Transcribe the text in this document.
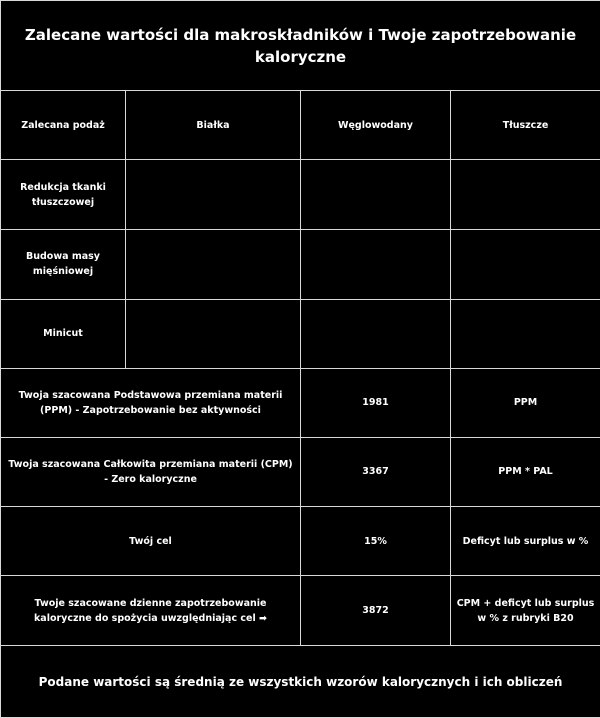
Zalecane wartości dla makroskładników i Twoje zapotrzebowanie kaloryczne			
Zalecana podaż	Białka	Węglowodany	Tłuszcze
Redukcja tkanki tłuszczowej			
Budowa masy mięśniowej			
Minicut			
Twoja szacowana Podstawowa przemiana materii (PPM) - Zapotrzebowanie bez aktywności		1981	PPM
Twoja szacowana Całkowita przemiana materii (CPM) - Zero kaloryczne		3367	PPM * PAL
Twój cel		15%	Deficyt lub surplus w %
Twoje szacowane dzienne zapotrzebowanie kaloryczne do spożycia uwzględniając cel ➡		3872	CPM + deficyt lub surplus w % z rubryki B20
Podane wartości są średnią ze wszystkich wzorów kalorycznych i ich obliczeń			
